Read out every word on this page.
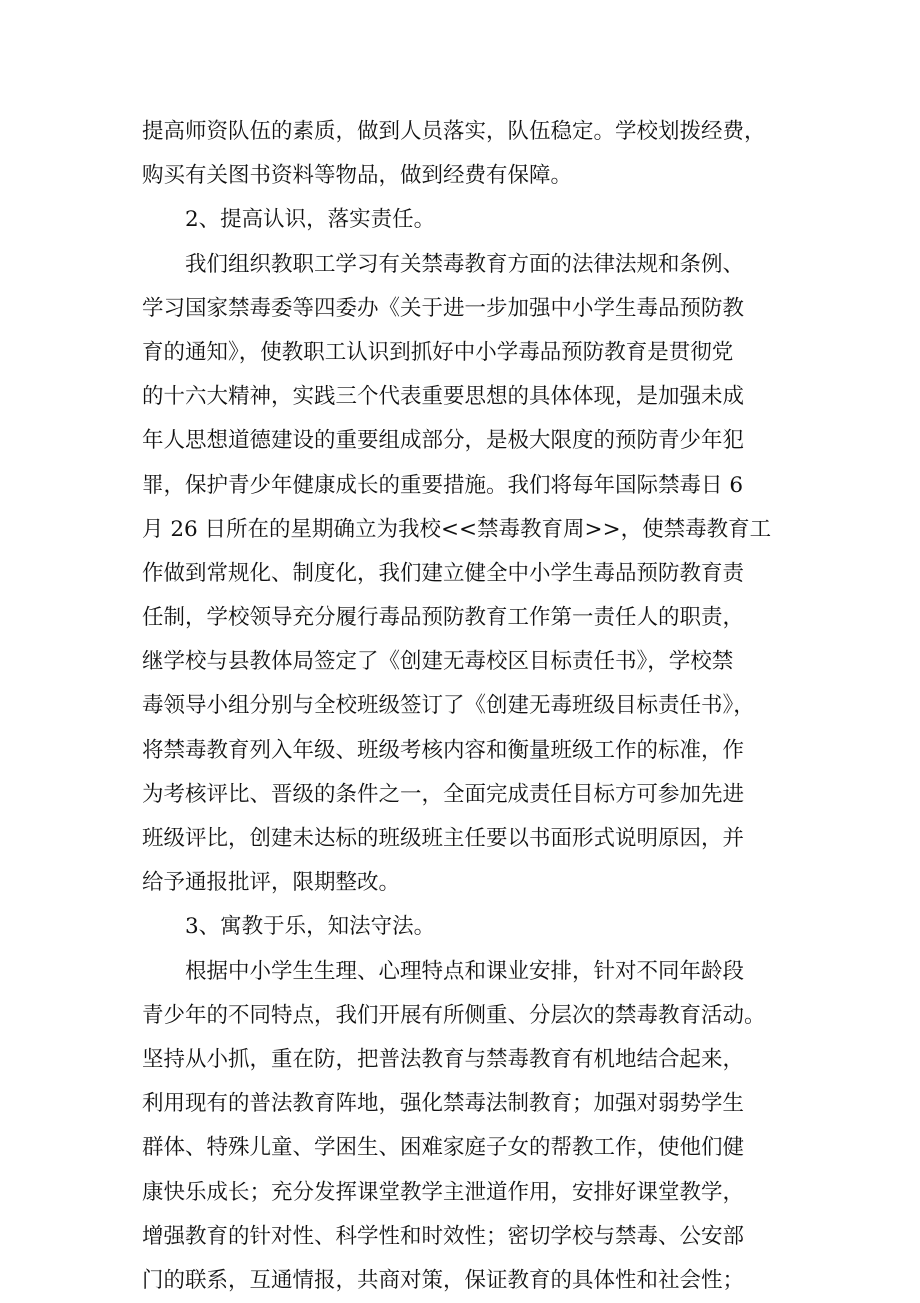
提高师资队伍的素质，做到人员落实，队伍稳定。学校划拨经费，
购买有关图书资料等物品，做到经费有保障。
2、提高认识，落实责任。
我们组织教职工学习有关禁毒教育方面的法律法规和条例、
学习国家禁毒委等四委办《关于进一步加强中小学生毒品预防教
育的通知》，使教职工认识到抓好中小学毒品预防教育是贯彻党
的十六大精神，实践三个代表重要思想的具体体现，是加强未成
年人思想道德建设的重要组成部分，是极大限度的预防青少年犯
罪，保护青少年健康成长的重要措施。我们将每年国际禁毒日 6
月 26 日所在的星期确立为我校<<禁毒教育周>>，使禁毒教育工
作做到常规化、制度化，我们建立健全中小学生毒品预防教育责
任制，学校领导充分履行毒品预防教育工作第一责任人的职责，
继学校与县教体局签定了《创建无毒校区目标责任书》，学校禁
毒领导小组分别与全校班级签订了《创建无毒班级目标责任书》，
将禁毒教育列入年级、班级考核内容和衡量班级工作的标准，作
为考核评比、晋级的条件之一，全面完成责任目标方可参加先进
班级评比，创建未达标的班级班主任要以书面形式说明原因，并
给予通报批评，限期整改。
3、寓教于乐，知法守法。
根据中小学生生理、心理特点和课业安排，针对不同年龄段
青少年的不同特点，我们开展有所侧重、分层次的禁毒教育活动。
坚持从小抓，重在防，把普法教育与禁毒教育有机地结合起来，
利用现有的普法教育阵地，强化禁毒法制教育；加强对弱势学生
群体、特殊儿童、学困生、困难家庭子女的帮教工作，使他们健
康快乐成长；充分发挥课堂教学主泄道作用，安排好课堂教学，
增强教育的针对性、科学性和时效性；密切学校与禁毒、公安部
门的联系，互通情报，共商对策，保证教育的具体性和社会性；
